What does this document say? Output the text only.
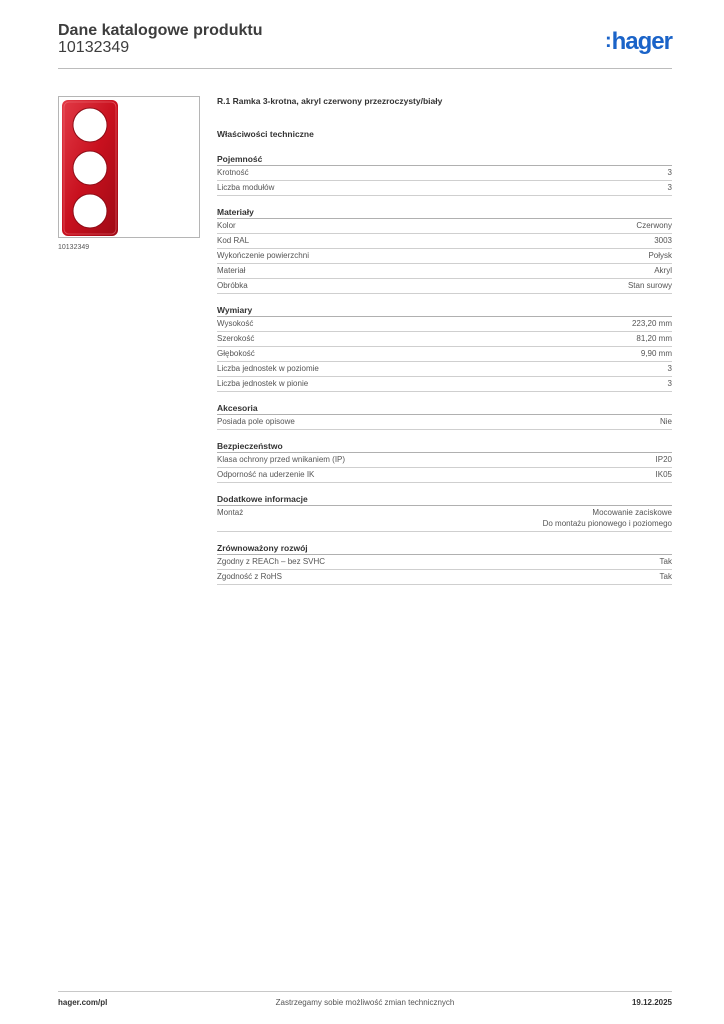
Dane katalogowe produktu
10132349	:hager
10132349
R.1 Ramka 3-krotna, akryl czerwony przezroczysty/biały
Właściwości techniczne
Pojemność
Krotność	3
Liczba modułów	3
Materiały
Kolor	Czerwony
Kod RAL	3003
Wykończenie powierzchni	Połysk
Materiał	Akryl
Obróbka	Stan surowy
Wymiary
Wysokość	223,20 mm
Szerokość	81,20 mm
Głębokość	9,90 mm
Liczba jednostek w poziomie	3
Liczba jednostek w pionie	3
Akcesoria
Posiada pole opisowe	Nie
Bezpieczeństwo
Klasa ochrony przed wnikaniem (IP)	IP20
Odporność na uderzenie IK	IK05
Dodatkowe informacje
Montaż	Mocowanie zaciskowe
Do montażu pionowego i poziomego
Zrównoważony rozwój
Zgodny z REACh – bez SVHC	Tak
Zgodność z RoHS	Tak
hager.com/pl	Zastrzegamy sobie możliwość zmian technicznych	19.12.2025
